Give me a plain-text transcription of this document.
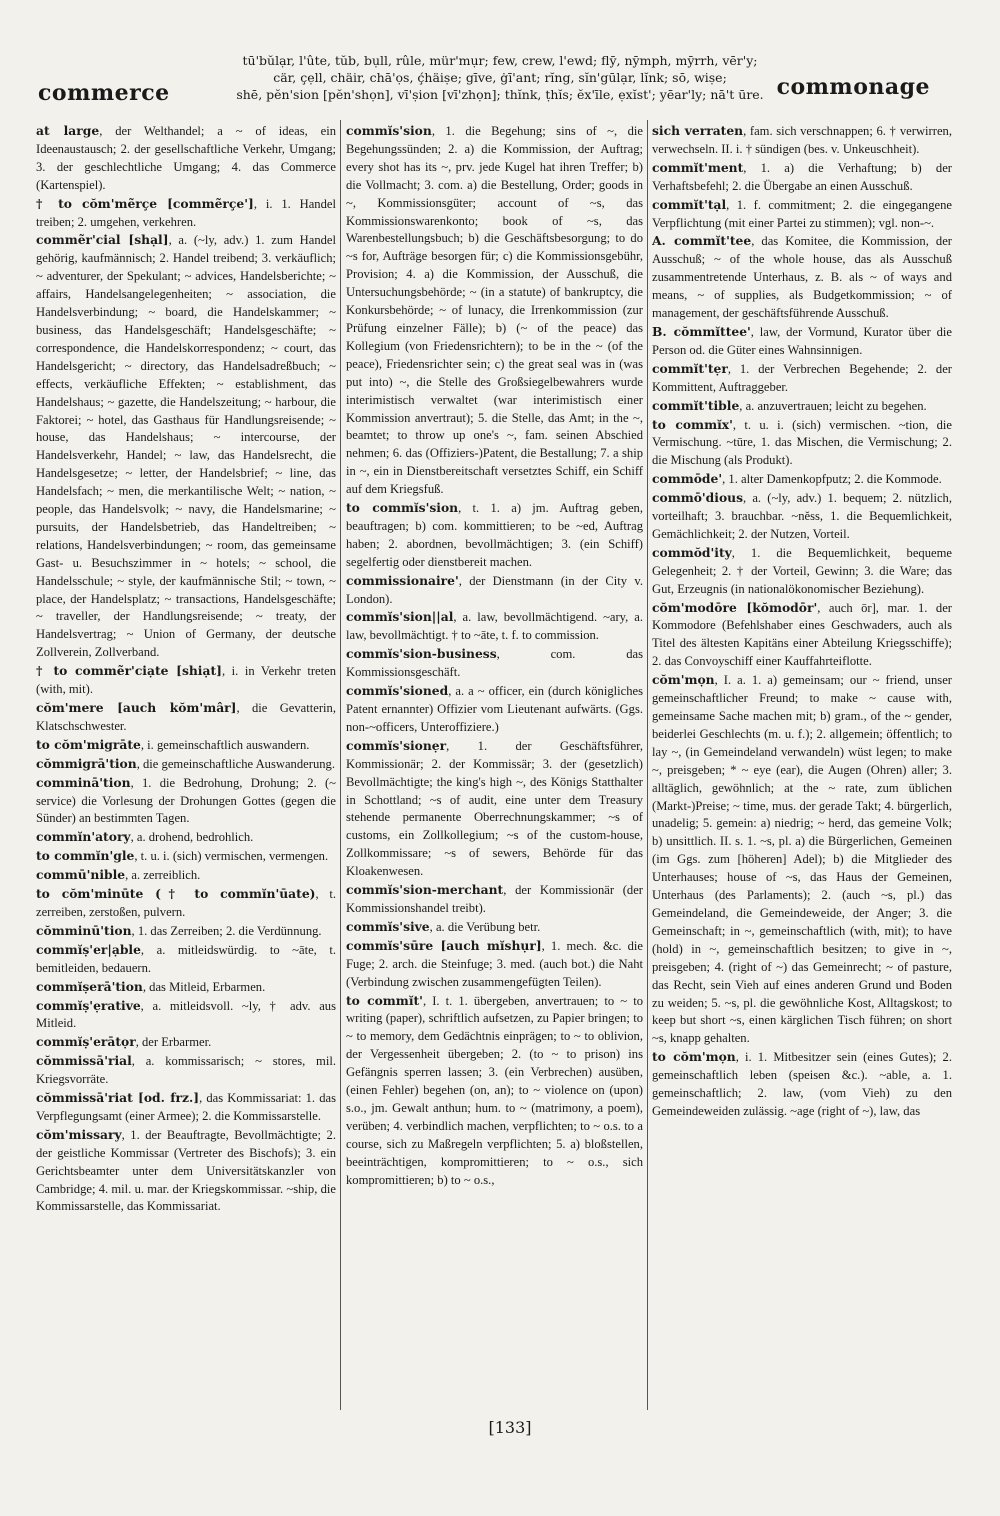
commerce
tū'bŭlạr, l'ûte, tŭb, bụll, rûle, mür'mụr; few, crew, l'ewd; flȳ, nȳmph, mȳrrh, vēr'y;
cär, çẹll, chäir, chā'ọs, ḉhäiṣe; gīve, ġī'ant; rĭng, sĭn'gūlạr, lĭnk; sō, wiṣe;
shē, pĕn'sion [pĕn'shọn], vī'ṣion [vī'zhọn]; thĭnk, ṭhĭs; ĕx'īle, ẹxĭst'; yēar'ly; nā't ūre. commonage

at large, der Welthandel; a ~ of ideas, ein Ideenaustausch; 2. der gesellschaftliche Verkehr, Umgang; 3. der geschlechtliche Umgang; 4. das Commerce (Kartenspiel).

† to cŏm'mẽrçe [commẽrçe'], i. 1. Handel treiben; 2. umgehen, verkehren.

commẽr'cial [shạl], a. (~ly, adv.) 1. zum Handel gehörig, kaufmännisch; 2. Handel treibend; 3. verkäuflich; ~ adventurer, der Spekulant; ~ advices, Handelsberichte; ~ affairs, Handelsangelegenheiten; ~ association, die Handelsverbindung; ~ board, die Handelskammer; ~ business, das Handelsgeschäft; Handelsgeschäfte; ~ correspondence, die Handelskorrespondenz; ~ court, das Handelsgericht; ~ directory, das Handelsadreßbuch; ~ effects, verkäufliche Effekten; ~ establishment, das Handelshaus; ~ gazette, die Handelszeitung; ~ harbour, die Faktorei; ~ hotel, das Gasthaus für Handlungsreisende; ~ house, das Handelshaus; ~ intercourse, der Handelsverkehr, Handel; ~ law, das Handelsrecht, die Handelsgesetze; ~ letter, der Handelsbrief; ~ line, das Handelsfach; ~ men, die merkantilische Welt; ~ nation, ~ people, das Handelsvolk; ~ navy, die Handelsmarine; ~ pursuits, der Handelsbetrieb, das Handeltreiben; ~ relations, Handelsverbindungen; ~ room, das gemeinsame Gast- u. Besuchszimmer in ~ hotels; ~ school, die Handelsschule; ~ style, der kaufmännische Stil; ~ town, ~ place, der Handelsplatz; ~ transactions, Handelsgeschäfte; ~ traveller, der Handlungsreisende; ~ treaty, der Handelsvertrag; ~ Union of Germany, der deutsche Zollverein, Zollverband.

† to commẽr'ciạte [shiạt], i. in Verkehr treten (with, mit).

cŏm'mere [auch kŏm'mâr], die Gevatterin, Klatschschwester.

to cŏm'migrāte, i. gemeinschaftlich auswandern.

cŏmmigrā'tion, die gemeinschaftliche Auswanderung.

comminā'tion, 1. die Bedrohung, Drohung; 2. (~ service) die Vorlesung der Drohungen Gottes (gegen die Sünder) an bestimmten Tagen.

commĭn'atory, a. drohend, bedrohlich.

to commĭn'gle, t. u. i. (sich) vermischen, vermengen.

commū'nible, a. zerreiblich.

to cŏm'minūte († to commĭn'ūate), t. zerreiben, zerstoßen, pulvern.

cŏmminū'tion, 1. das Zerreiben; 2. die Verdünnung.

commĭṣ'er|ạble, a. mitleidswürdig. to ~āte, t. bemitleiden, bedauern.

commĭṣerā'tion, das Mitleid, Erbarmen.

commĭṣ'ẹrative, a. mitleidsvoll. ~ly, † adv. aus Mitleid.

commĭṣ'erātọr, der Erbarmer.

cŏmmissā'rial, a. kommissarisch; ~ stores, mil. Kriegsvorräte.

cŏmmissā'riat [od. frz.], das Kommissariat: 1. das Verpflegungsamt (einer Armee); 2. die Kommissarstelle.

cŏm'missary, 1. der Beauftragte, Bevollmächtigte; 2. der geistliche Kommissar (Vertreter des Bischofs); 3. ein Gerichtsbeamter unter dem Universitätskanzler von Cambridge; 4. mil. u. mar. der Kriegskommissar. ~ship, die Kommissarstelle, das Kommissariat.

commĭs'sion, 1. die Begehung; sins of ~, die Begehungssünden; 2. a) die Kommission, der Auftrag; every shot has its ~, prv. jede Kugel hat ihren Treffer; b) die Vollmacht; 3. com. a) die Bestellung, Order; goods in ~, Kommissionsgüter; account of ~s, das Kommissionswarenkonto; book of ~s, das Warenbestellungsbuch; b) die Geschäftsbesorgung; to do ~s for, Aufträge besorgen für; c) die Kommissionsgebühr, Provision; 4. a) die Kommission, der Ausschuß, die Untersuchungsbehörde; ~ (in a statute) of bankruptcy, die Konkursbehörde; ~ of lunacy, die Irrenkommission (zur Prüfung einzelner Fälle); b) (~ of the peace) das Kollegium (von Friedensrichtern); to be in the ~ (of the peace), Friedensrichter sein; c) the great seal was in (was put into) ~, die Stelle des Großsiegelbewahrers wurde interimistisch verwaltet (war interimistisch einer Kommission anvertraut); 5. die Stelle, das Amt; in the ~, beamtet; to throw up one's ~, fam. seinen Abschied nehmen; 6. das (Offiziers-)Patent, die Bestallung; 7. a ship in ~, ein in Dienstbereitschaft versetztes Schiff, ein Schiff auf dem Kriegsfuß.

to commĭs'sion, t. 1. a) jm. Auftrag geben, beauftragen; b) com. kommittieren; to be ~ed, Auftrag haben; 2. abordnen, bevollmächtigen; 3. (ein Schiff) segelfertig oder dienstbereit machen.

commissionaire', der Dienstmann (in der City v. London).

commĭs'sion||al, a. law, bevollmächtigend. ~ary, a. law, bevollmächtigt. † to ~āte, t. f. to commission.

commĭs'sion-business, com. das Kommissionsgeschäft.

commĭs'sioned, a. a ~ officer, ein (durch königliches Patent ernannter) Offizier vom Lieutenant aufwärts. (Ggs. non-~officers, Unteroffiziere.)

commĭs'sionẹr, 1. der Geschäftsführer, Kommissionär; 2. der Kommissär; 3. der (gesetzlich) Bevollmächtigte; the king's high ~, des Königs Statthalter in Schottland; ~s of audit, eine unter dem Treasury stehende permanente Oberrechnungskammer; ~s of customs, ein Zollkollegium; ~s of the custom-house, Zollkommissare; ~s of sewers, Behörde für das Kloakenwesen.

commĭs'sion-merchant, der Kommissionär (der Kommissionshandel treibt).

commĭs'sive, a. die Verübung betr.

commĭs'sūre [auch mĭshụr], 1. mech. &c. die Fuge; 2. arch. die Steinfuge; 3. med. (auch bot.) die Naht (Verbindung zwischen zusammengefügten Teilen).

to commĭt', I. t. 1. übergeben, anvertrauen; to ~ to writing (paper), schriftlich aufsetzen, zu Papier bringen; to ~ to memory, dem Gedächtnis einprägen; to ~ to oblivion, der Vergessenheit übergeben; 2. (to ~ to prison) ins Gefängnis sperren lassen; 3. (ein Verbrechen) ausüben, (einen Fehler) begehen (on, an); to ~ violence on (upon) s.o., jm. Gewalt anthun; hum. to ~ (matrimony, a poem), verüben; 4. verbindlich machen, verpflichten; to ~ o.s. to a course, sich zu Maßregeln verpflichten; 5. a) bloßstellen, beeinträchtigen, kompromittieren; to ~ o.s., sich kompromittieren; b) to ~ o.s.,

sich verraten, fam. sich verschnappen; 6. † verwirren, verwechseln. II. i. † sündigen (bes. v. Unkeuschheit).

commĭt'ment, 1. a) die Verhaftung; b) der Verhaftsbefehl; 2. die Übergabe an einen Ausschuß.

commĭt'tạl, 1. f. commitment; 2. die eingegangene Verpflichtung (mit einer Partei zu stimmen); vgl. non-~.

A. commĭt'tee, das Komitee, die Kommission, der Ausschuß; ~ of the whole house, das als Ausschuß zusammentretende Unterhaus, z. B. als ~ of ways and means, ~ of supplies, als Budgetkommission; ~ of management, der geschäftsführende Ausschuß.

B. cŏmmĭttee', law, der Vormund, Kurator über die Person od. die Güter eines Wahnsinnigen.

commĭt'tẹr, 1. der Verbrechen Begehende; 2. der Kommittent, Auftraggeber.

commĭt'tible, a. anzuvertrauen; leicht zu begehen.

to commĭx', t. u. i. (sich) vermischen. ~tion, die Vermischung. ~tūre, 1. das Mischen, die Vermischung; 2. die Mischung (als Produkt).

commōde', 1. alter Damenkopfputz; 2. die Kommode.

commō'dious, a. (~ly, adv.) 1. bequem; 2. nützlich, vorteilhaft; 3. brauchbar. ~nĕss, 1. die Bequemlichkeit, Gemächlichkeit; 2. der Nutzen, Vorteil.

commŏd'ity, 1. die Bequemlichkeit, bequeme Gelegenheit; 2. † der Vorteil, Gewinn; 3. die Ware; das Gut, Erzeugnis (in nationalökonomischer Beziehung).

cŏm'modōre [kŏmodōr', auch ōr], mar. 1. der Kommodore (Befehlshaber eines Geschwaders, auch als Titel des ältesten Kapitäns einer Abteilung Kriegsschiffe); 2. das Convoyschiff einer Kauffahrteiflotte.

cŏm'mọn, I. a. 1. a) gemeinsam; our ~ friend, unser gemeinschaftlicher Freund; to make ~ cause with, gemeinsame Sache machen mit; b) gram., of the ~ gender, beiderlei Geschlechts (m. u. f.); 2. allgemein; öffentlich; to lay ~, (in Gemeindeland verwandeln) wüst legen; to make ~, preisgeben; * ~ eye (ear), die Augen (Ohren) aller; 3. alltäglich, gewöhnlich; at the ~ rate, zum üblichen (Markt-)Preise; ~ time, mus. der gerade Takt; 4. bürgerlich, unadelig; 5. gemein: a) niedrig; ~ herd, das gemeine Volk; b) unsittlich. II. s. 1. ~s, pl. a) die Bürgerlichen, Gemeinen (im Ggs. zum [höheren] Adel); b) die Mitglieder des Unterhauses; house of ~s, das Haus der Gemeinen, Unterhaus (des Parlaments); 2. (auch ~s, pl.) das Gemeindeland, die Gemeindeweide, der Anger; 3. die Gemeinschaft; in ~, gemeinschaftlich (with, mit); to have (hold) in ~, gemeinschaftlich besitzen; to give in ~, preisgeben; 4. (right of ~) das Gemeinrecht; ~ of pasture, das Recht, sein Vieh auf eines anderen Grund und Boden zu weiden; 5. ~s, pl. die gewöhnliche Kost, Alltagskost; to keep but short ~s, einen kärglichen Tisch führen; on short ~s, knapp gehalten.

to cŏm'mọn, i. 1. Mitbesitzer sein (eines Gutes); 2. gemeinschaftlich leben (speisen &c.). ~able, a. 1. gemeinschaftlich; 2. law, (vom Vieh) zu den Gemeindeweiden zulässig. ~age (right of ~), law, das

[133]
